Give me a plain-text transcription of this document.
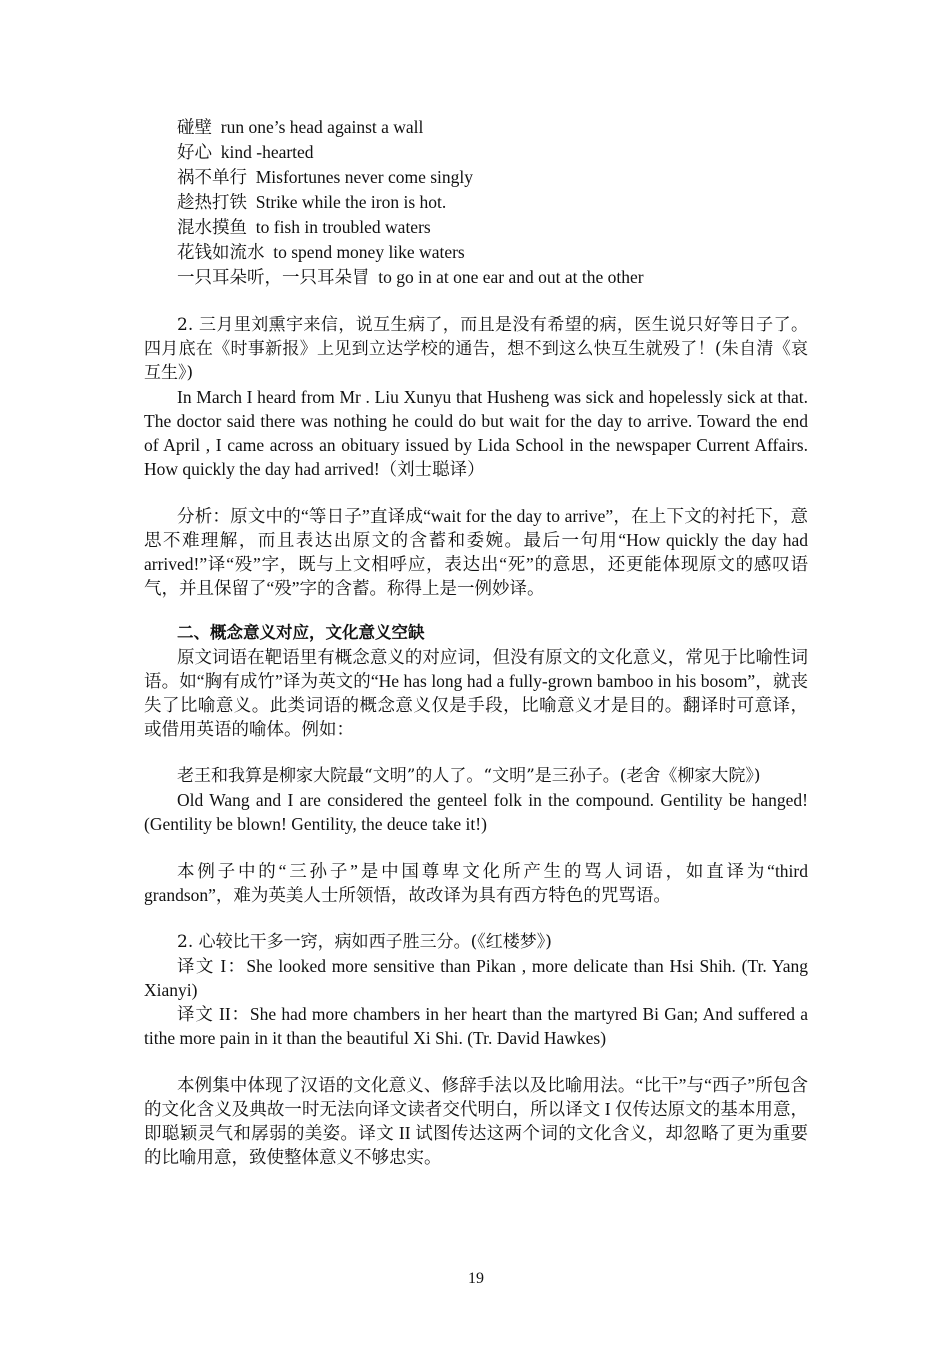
碰壁 run one’s head against a wall
好心 kind -hearted
祸不单行 Misfortunes never come singly
趁热打铁 Strike while the iron is hot.
混水摸鱼 to fish in troubled waters
花钱如流水 to spend money like waters
一只耳朵听，一只耳朵冒 to go in at one ear and out at the other

2. 三月里刘熏宇来信，说互生病了，而且是没有希望的病，医生说只好等日子了。四月底在《时事新报》上见到立达学校的通告，想不到这么快互生就殁了！(朱自清《哀互生》)

In March I heard from Mr . Liu Xunyu that Husheng was sick and hopelessly sick at that. The doctor said there was nothing he could do but wait for the day to arrive. Toward the end of April , I came across an obituary issued by Lida School in the newspaper Current Affairs. How quickly the day had arrived!（刘士聪译）

分析：原文中的“等日子”直译成“wait for the day to arrive”，在上下文的衬托下，意思不难理解，而且表达出原文的含蓄和委婉。最后一句用“How quickly the day had arrived!”译“殁”字，既与上文相呼应，表达出“死”的意思，还更能体现原文的感叹语气，并且保留了“殁”字的含蓄。称得上是一例妙译。

二、概念意义对应，文化意义空缺

原文词语在靶语里有概念意义的对应词，但没有原文的文化意义，常见于比喻性词语。如“胸有成竹”译为英文的“He has long had a fully-grown bamboo in his bosom”，就丧失了比喻意义。此类词语的概念意义仅是手段，比喻意义才是目的。翻译时可意译，或借用英语的喻体。例如：

老王和我算是柳家大院最“文明”的人了。“文明”是三孙子。(老舍《柳家大院》)

Old Wang and I are considered the genteel folk in the compound. Gentility be hanged! (Gentility be blown! Gentility, the deuce take it!)

本例子中的“三孙子”是中国尊卑文化所产生的骂人词语，如直译为“third grandson”，难为英美人士所领悟，故改译为具有西方特色的咒骂语。

2. 心较比干多一窍，病如西子胜三分。(《红楼梦》)

译文 I：She looked more sensitive than Pikan , more delicate than Hsi Shih. (Tr. Yang Xianyi)

译文 II：She had more chambers in her heart than the martyred Bi Gan; And suffered a tithe more pain in it than the beautiful Xi Shi. (Tr. David Hawkes)

本例集中体现了汉语的文化意义、修辞手法以及比喻用法。“比干”与“西子”所包含的文化含义及典故一时无法向译文读者交代明白，所以译文 I 仅传达原文的基本用意，即聪颖灵气和孱弱的美姿。译文 II 试图传达这两个词的文化含义，却忽略了更为重要的比喻用意，致使整体意义不够忠实。

19
